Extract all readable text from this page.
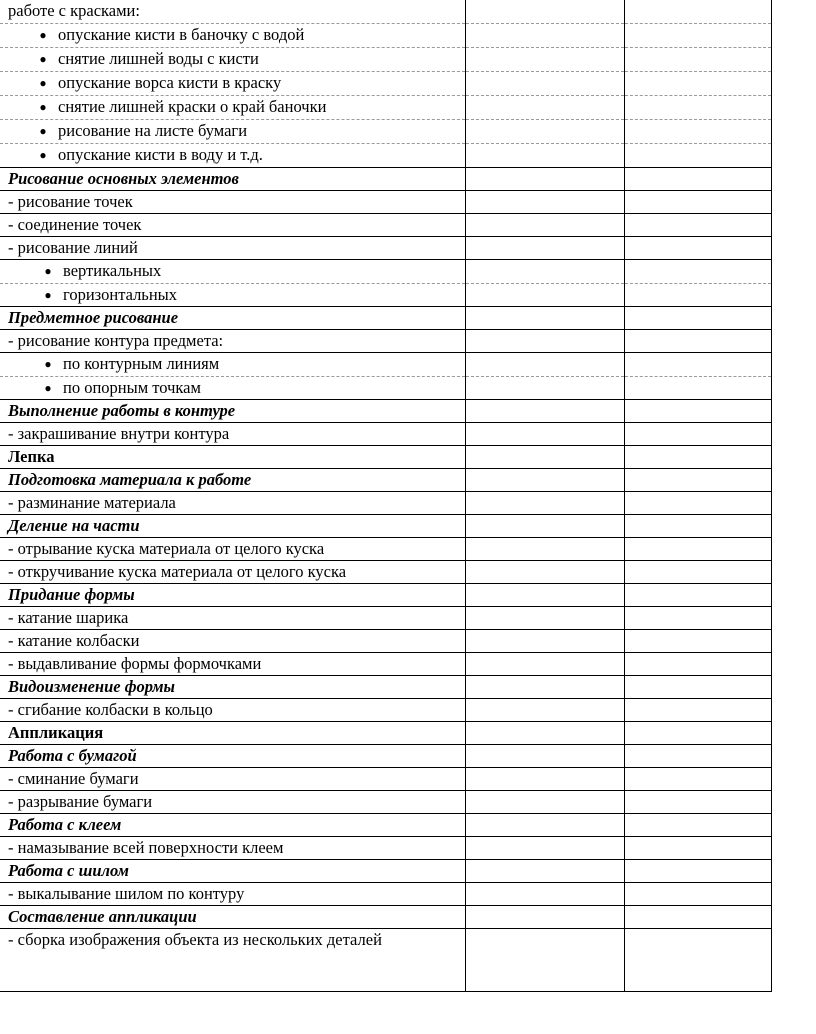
работе с красками:		
● опускание кисти в баночку с водой		
● снятие лишней воды с кисти		
● опускание ворса кисти в краску		
● снятие лишней краски о край баночки		
● рисование на листе бумаги		
● опускание кисти в воду и т.д.		
Рисование основных элементов		
- рисование точек		
- соединение точек		
- рисование линий		
● вертикальных		
● горизонтальных		
Предметное рисование		
- рисование контура предмета:		
● по контурным линиям		
● по опорным точкам		
Выполнение работы в контуре		
- закрашивание внутри контура		
Лепка		
Подготовка материала к работе		
- разминание материала		
Деление на части		
- отрывание куска материала от целого куска		
- откручивание куска материала от целого куска		
Придание формы		
- катание шарика		
- катание колбаски		
- выдавливание формы формочками		
Видоизменение формы		
- сгибание колбаски в кольцо		
Аппликация		
Работа с бумагой		
- сминание бумаги		
- разрывание бумаги		
Работа с клеем		
- намазывание всей поверхности клеем		
Работа с шилом		
- выкалывание шилом по контуру		
Составление аппликации		
- сборка изображения объекта из нескольких деталей		
